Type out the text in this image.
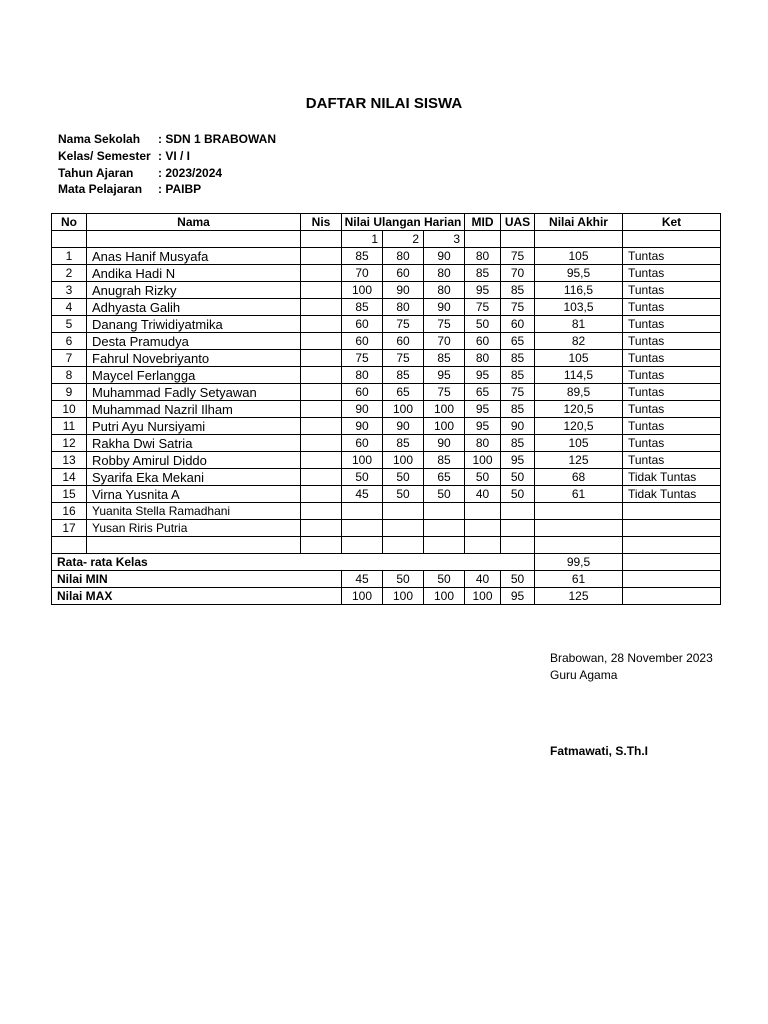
DAFTAR NILAI SISWA
Nama Sekolah	: SDN 1 BRABOWAN
Kelas/ Semester : VI / I
Tahun Ajaran	: 2023/2024
Mata Pelajaran	: PAIBP
No	Nama	Nis	Nilai Ulangan Harian			MID	UAS	Nilai Akhir	Ket
			1	2	3				
1	Anas Hanif Musyafa		85	80	90	80	75	105	Tuntas
2	Andika Hadi N		70	60	80	85	70	95,5	Tuntas
3	Anugrah Rizky		100	90	80	95	85	116,5	Tuntas
4	Adhyasta Galih		85	80	90	75	75	103,5	Tuntas
5	Danang Triwidiyatmika		60	75	75	50	60	81	Tuntas
6	Desta Pramudya		60	60	70	60	65	82	Tuntas
7	Fahrul Novebriyanto		75	75	85	80	85	105	Tuntas
8	Maycel Ferlangga		80	85	95	95	85	114,5	Tuntas
9	Muhammad Fadly Setyawan		60	65	75	65	75	89,5	Tuntas
10	Muhammad Nazril Ilham		90	100	100	95	85	120,5	Tuntas
11	Putri Ayu Nursiyami		90	90	100	95	90	120,5	Tuntas
12	Rakha Dwi Satria		60	85	90	80	85	105	Tuntas
13	Robby Amirul Diddo		100	100	85	100	95	125	Tuntas
14	Syarifa Eka Mekani		50	50	65	50	50	68	Tidak Tuntas
15	Virna Yusnita A		45	50	50	40	50	61	Tidak Tuntas
16	Yuanita Stella Ramadhani								
17	Yusan Riris Putria								

Rata- rata Kelas								99,5	
Nilai MIN			45	50	50	40	50	61	
Nilai MAX			100	100	100	100	95	125	
Brabowan, 28 November 2023
Guru Agama
Fatmawati, S.Th.I
